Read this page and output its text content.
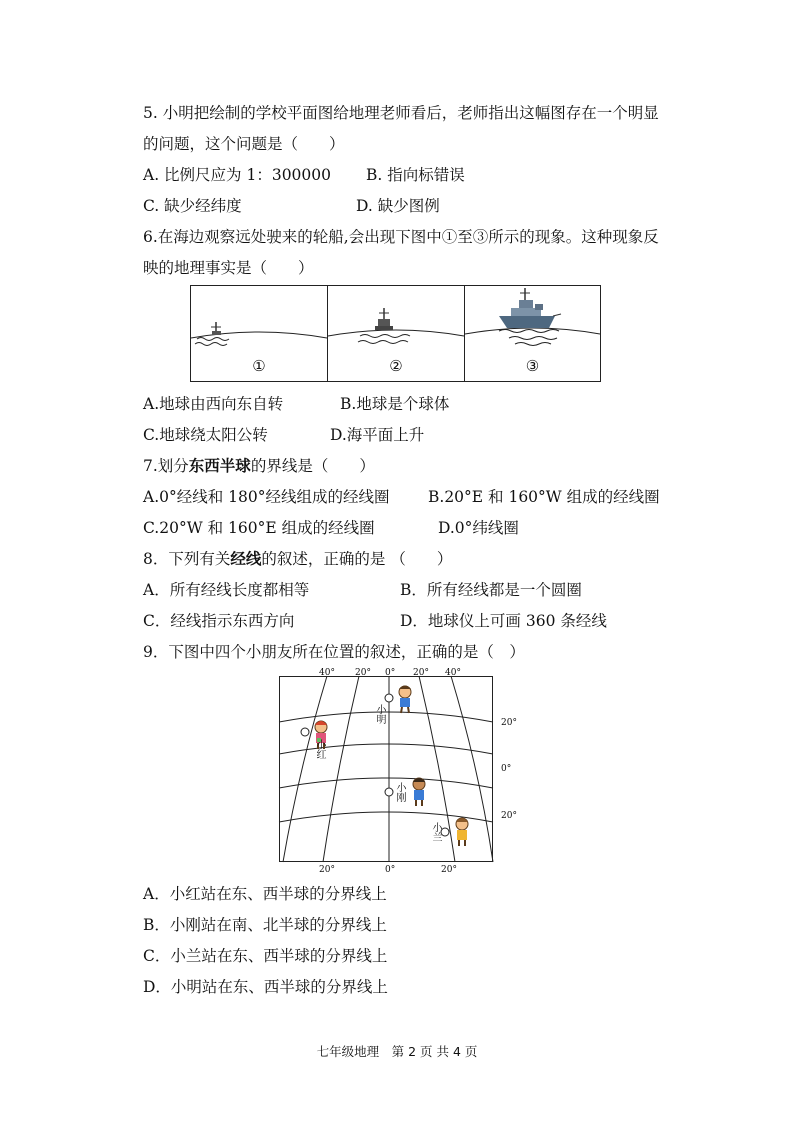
5. 小明把绘制的学校平面图给地理老师看后，老师指出这幅图存在一个明显
的问题，这个问题是（　　）
A. 比例尺应为 1：300000 B. 指向标错误
C. 缺少经纬度	D. 缺少图例
6.在海边观察远处驶来的轮船,会出现下图中①至③所示的现象。这种现象反
映的地理事实是（　　）
①	②	③
A.地球由西向东自转	B.地球是个球体
C.地球绕太阳公转	D.海平面上升
7.划分东西半球的界线是（　　）
A.0°经线和 180°经线组成的经线圈 B.20°E 和 160°W 组成的经线圈
C.20°W 和 160°E 组成的经线圈	D.0°纬线圈
8．下列有关经线的叙述，正确的是 （　　）
A．所有经线长度都相等	B．所有经线都是一个圆圈
C．经线指示东西方向	D．地球仪上可画 360 条经线
9．下图中四个小朋友所在位置的叙述，正确的是（　）
40° 20° 0° 20° 40°
20°
0°
20°
20°	0°	20°
小明
小红
小刚
小兰
A．小红站在东、西半球的分界线上
B．小刚站在南、北半球的分界线上
C．小兰站在东、西半球的分界线上
D．小明站在东、西半球的分界线上
七年级地理　第 2 页 共 4 页
